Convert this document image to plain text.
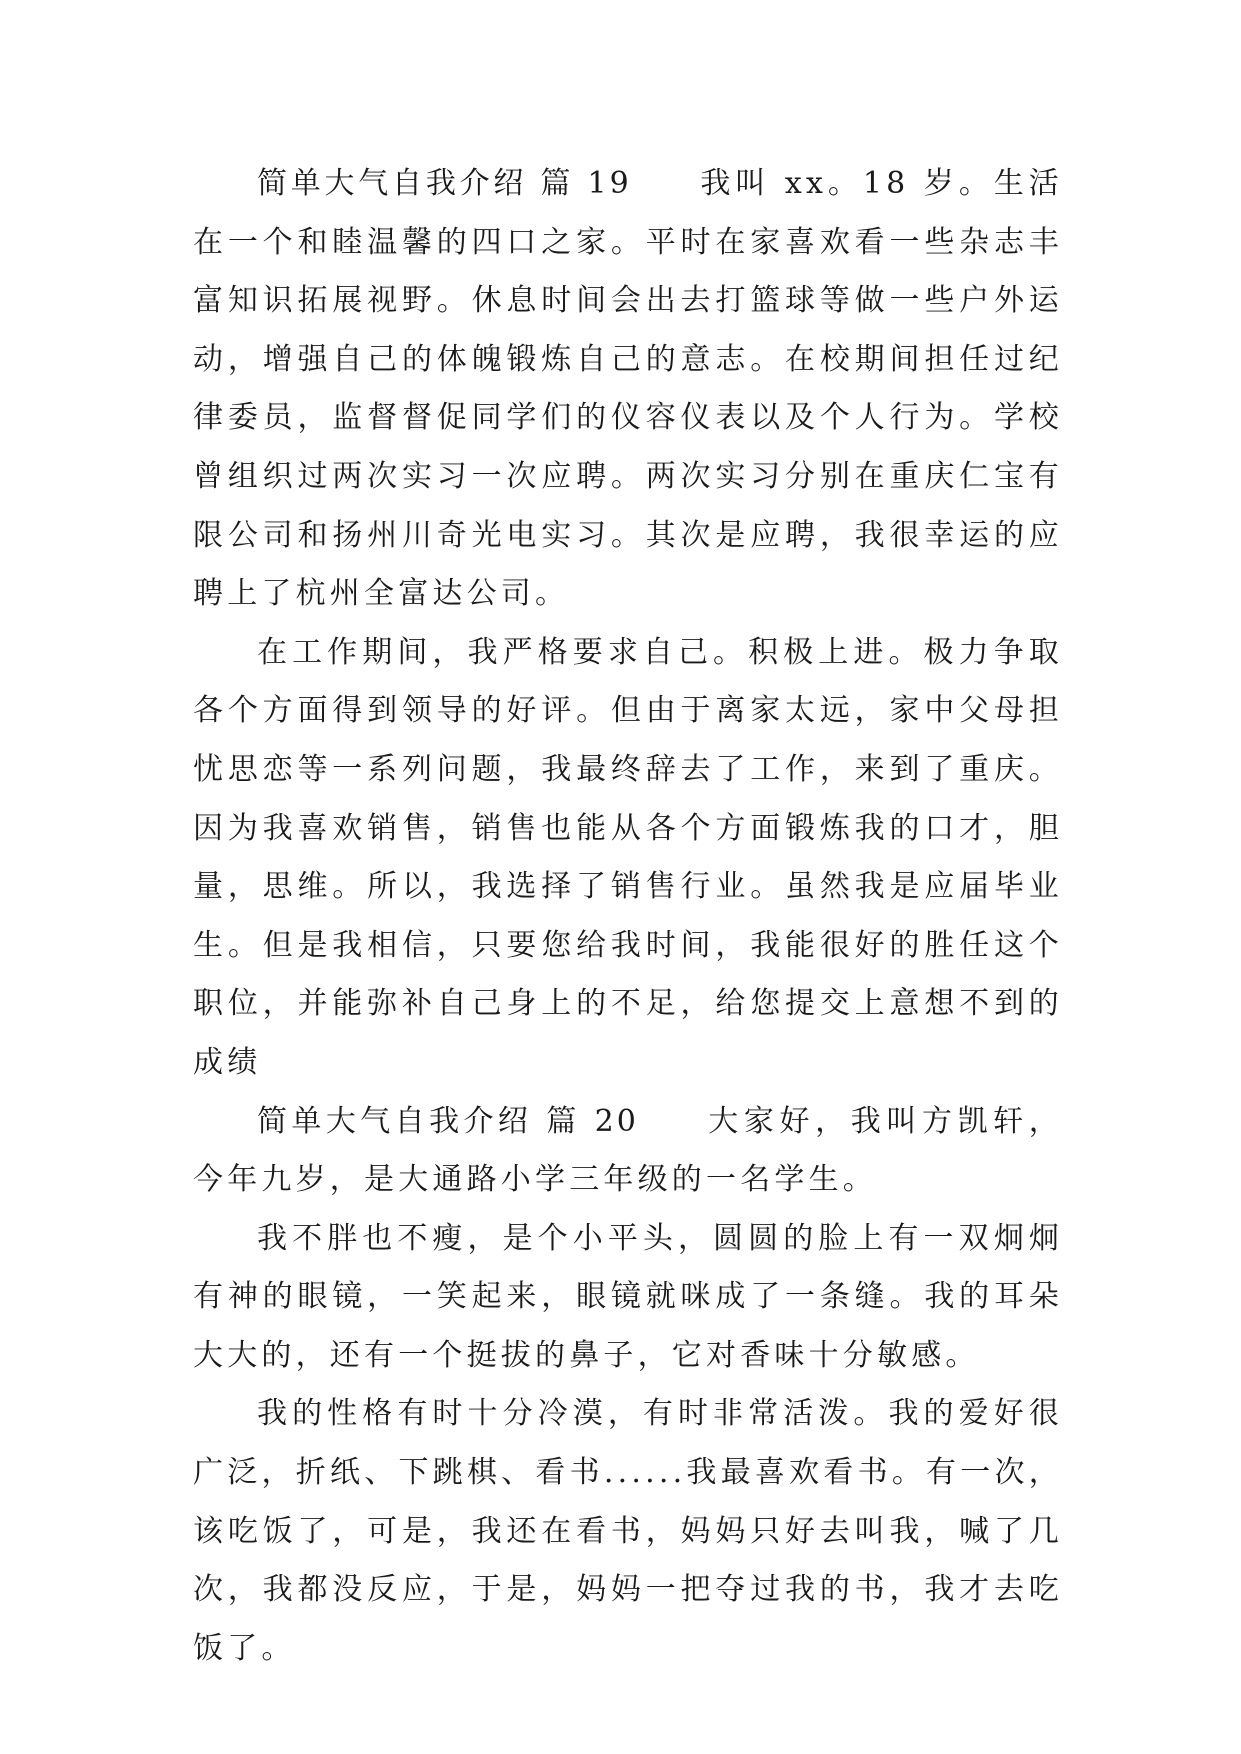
简单大气自我介绍 篇 19 我叫 xx。18 岁。生活在一个和睦温馨的四口之家。平时在家喜欢看一些杂志丰富知识拓展视野。休息时间会出去打篮球等做一些户外运动，增强自己的体魄锻炼自己的意志。在校期间担任过纪律委员，监督督促同学们的仪容仪表以及个人行为。学校曾组织过两次实习一次应聘。两次实习分别在重庆仁宝有限公司和扬州川奇光电实习。其次是应聘，我很幸运的应聘上了杭州全富达公司。

在工作期间，我严格要求自己。积极上进。极力争取各个方面得到领导的好评。但由于离家太远，家中父母担忧思恋等一系列问题，我最终辞去了工作，来到了重庆。因为我喜欢销售，销售也能从各个方面锻炼我的口才，胆量，思维。所以，我选择了销售行业。虽然我是应届毕业生。但是我相信，只要您给我时间，我能很好的胜任这个职位，并能弥补自己身上的不足，给您提交上意想不到的成绩

简单大气自我介绍 篇 20 大家好，我叫方凯轩，今年九岁，是大通路小学三年级的一名学生。

我不胖也不瘦，是个小平头，圆圆的脸上有一双炯炯有神的眼镜，一笑起来，眼镜就咪成了一条缝。我的耳朵大大的，还有一个挺拔的鼻子，它对香味十分敏感。

我的性格有时十分冷漠，有时非常活泼。我的爱好很广泛，折纸、下跳棋、看书......我最喜欢看书。有一次，该吃饭了，可是，我还在看书，妈妈只好去叫我，喊了几次，我都没反应，于是，妈妈一把夺过我的书，我才去吃饭了。
